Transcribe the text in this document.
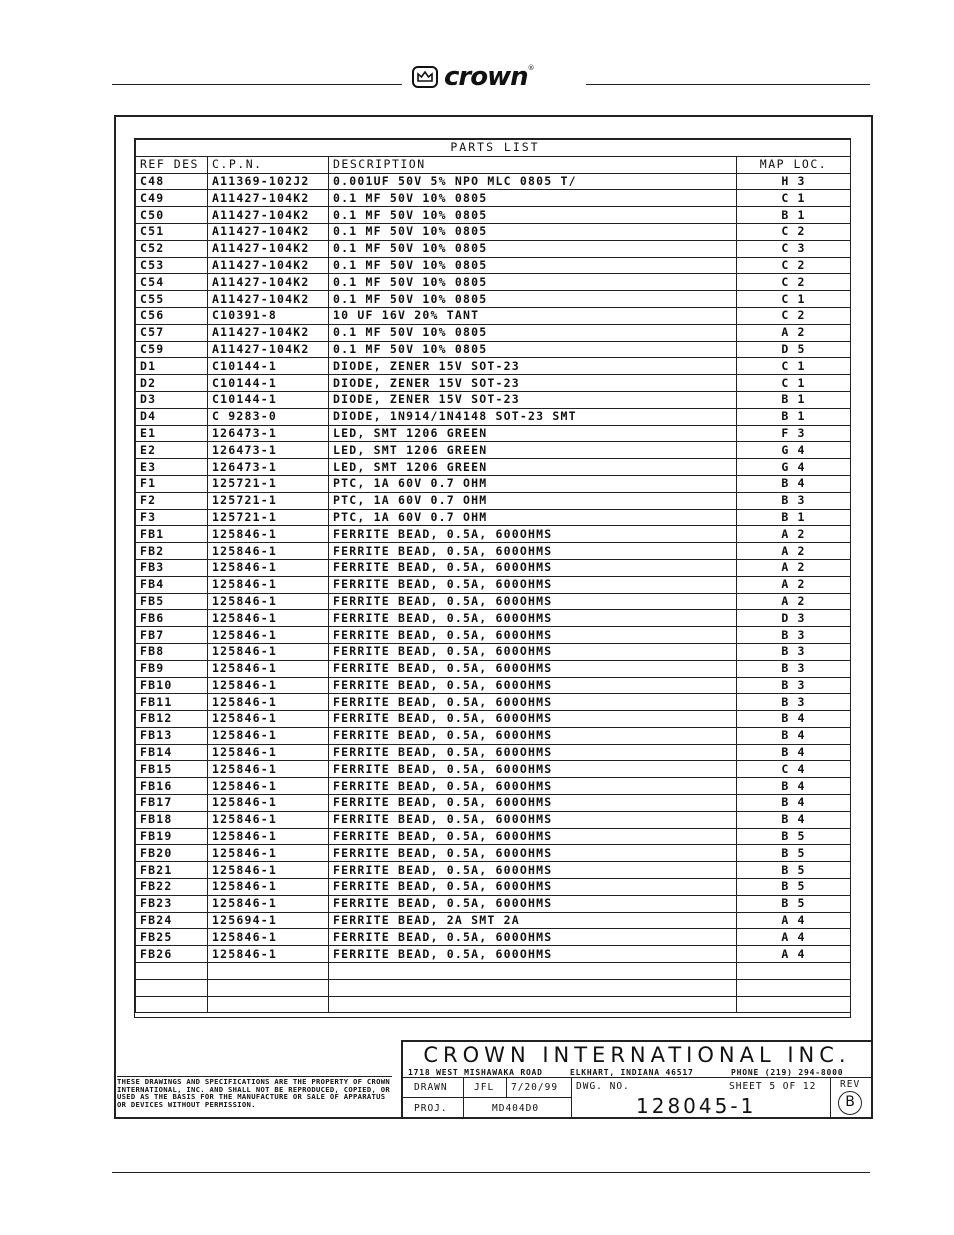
crown ®
PARTS LIST			
REF DES	C.P.N.	DESCRIPTION	MAP LOC.
C48	A11369-102J2	0.001UF 50V 5% NPO MLC 0805 T/	H 3
C49	A11427-104K2	0.1 MF 50V 10% 0805	C 1
C50	A11427-104K2	0.1 MF 50V 10% 0805	B 1
C51	A11427-104K2	0.1 MF 50V 10% 0805	C 2
C52	A11427-104K2	0.1 MF 50V 10% 0805	C 3
C53	A11427-104K2	0.1 MF 50V 10% 0805	C 2
C54	A11427-104K2	0.1 MF 50V 10% 0805	C 2
C55	A11427-104K2	0.1 MF 50V 10% 0805	C 1
C56	C10391-8	10 UF 16V 20% TANT	C 2
C57	A11427-104K2	0.1 MF 50V 10% 0805	A 2
C59	A11427-104K2	0.1 MF 50V 10% 0805	D 5
D1	C10144-1	DIODE, ZENER 15V SOT-23	C 1
D2	C10144-1	DIODE, ZENER 15V SOT-23	C 1
D3	C10144-1	DIODE, ZENER 15V SOT-23	B 1
D4	C 9283-0	DIODE, 1N914/1N4148 SOT-23 SMT	B 1
E1	126473-1	LED, SMT 1206 GREEN	F 3
E2	126473-1	LED, SMT 1206 GREEN	G 4
E3	126473-1	LED, SMT 1206 GREEN	G 4
F1	125721-1	PTC, 1A 60V 0.7 OHM	B 4
F2	125721-1	PTC, 1A 60V 0.7 OHM	B 3
F3	125721-1	PTC, 1A 60V 0.7 OHM	B 1
FB1	125846-1	FERRITE BEAD, 0.5A, 600OHMS	A 2
FB2	125846-1	FERRITE BEAD, 0.5A, 600OHMS	A 2
FB3	125846-1	FERRITE BEAD, 0.5A, 600OHMS	A 2
FB4	125846-1	FERRITE BEAD, 0.5A, 600OHMS	A 2
FB5	125846-1	FERRITE BEAD, 0.5A, 600OHMS	A 2
FB6	125846-1	FERRITE BEAD, 0.5A, 600OHMS	D 3
FB7	125846-1	FERRITE BEAD, 0.5A, 600OHMS	B 3
FB8	125846-1	FERRITE BEAD, 0.5A, 600OHMS	B 3
FB9	125846-1	FERRITE BEAD, 0.5A, 600OHMS	B 3
FB10	125846-1	FERRITE BEAD, 0.5A, 600OHMS	B 3
FB11	125846-1	FERRITE BEAD, 0.5A, 600OHMS	B 3
FB12	125846-1	FERRITE BEAD, 0.5A, 600OHMS	B 4
FB13	125846-1	FERRITE BEAD, 0.5A, 600OHMS	B 4
FB14	125846-1	FERRITE BEAD, 0.5A, 600OHMS	B 4
FB15	125846-1	FERRITE BEAD, 0.5A, 600OHMS	C 4
FB16	125846-1	FERRITE BEAD, 0.5A, 600OHMS	B 4
FB17	125846-1	FERRITE BEAD, 0.5A, 600OHMS	B 4
FB18	125846-1	FERRITE BEAD, 0.5A, 600OHMS	B 4
FB19	125846-1	FERRITE BEAD, 0.5A, 600OHMS	B 5
FB20	125846-1	FERRITE BEAD, 0.5A, 600OHMS	B 5
FB21	125846-1	FERRITE BEAD, 0.5A, 600OHMS	B 5
FB22	125846-1	FERRITE BEAD, 0.5A, 600OHMS	B 5
FB23	125846-1	FERRITE BEAD, 0.5A, 600OHMS	B 5
FB24	125694-1	FERRITE BEAD, 2A SMT 2A	A 4
FB25	125846-1	FERRITE BEAD, 0.5A, 600OHMS	A 4
FB26	125846-1	FERRITE BEAD, 0.5A, 600OHMS	A 4

THESE DRAWINGS AND SPECIFICATIONS ARE THE PROPERTY OF CROWN INTERNATIONAL, INC. AND SHALL NOT BE REPRODUCED, COPIED, OR USED AS THE BASIS FOR THE MANUFACTURE OR SALE OF APPARATUS OR DEVICES WITHOUT PERMISSION.
CROWN INTERNATIONAL INC.
1718 WEST MISHAWAKA ROAD	ELKHART, INDIANA 46517	PHONE (219) 294-8000
DRAWN	JFL 7/20/99
PROJ.	MD404D0
DWG. NO.	SHEET 5 OF 12
128045-1
REV
B
